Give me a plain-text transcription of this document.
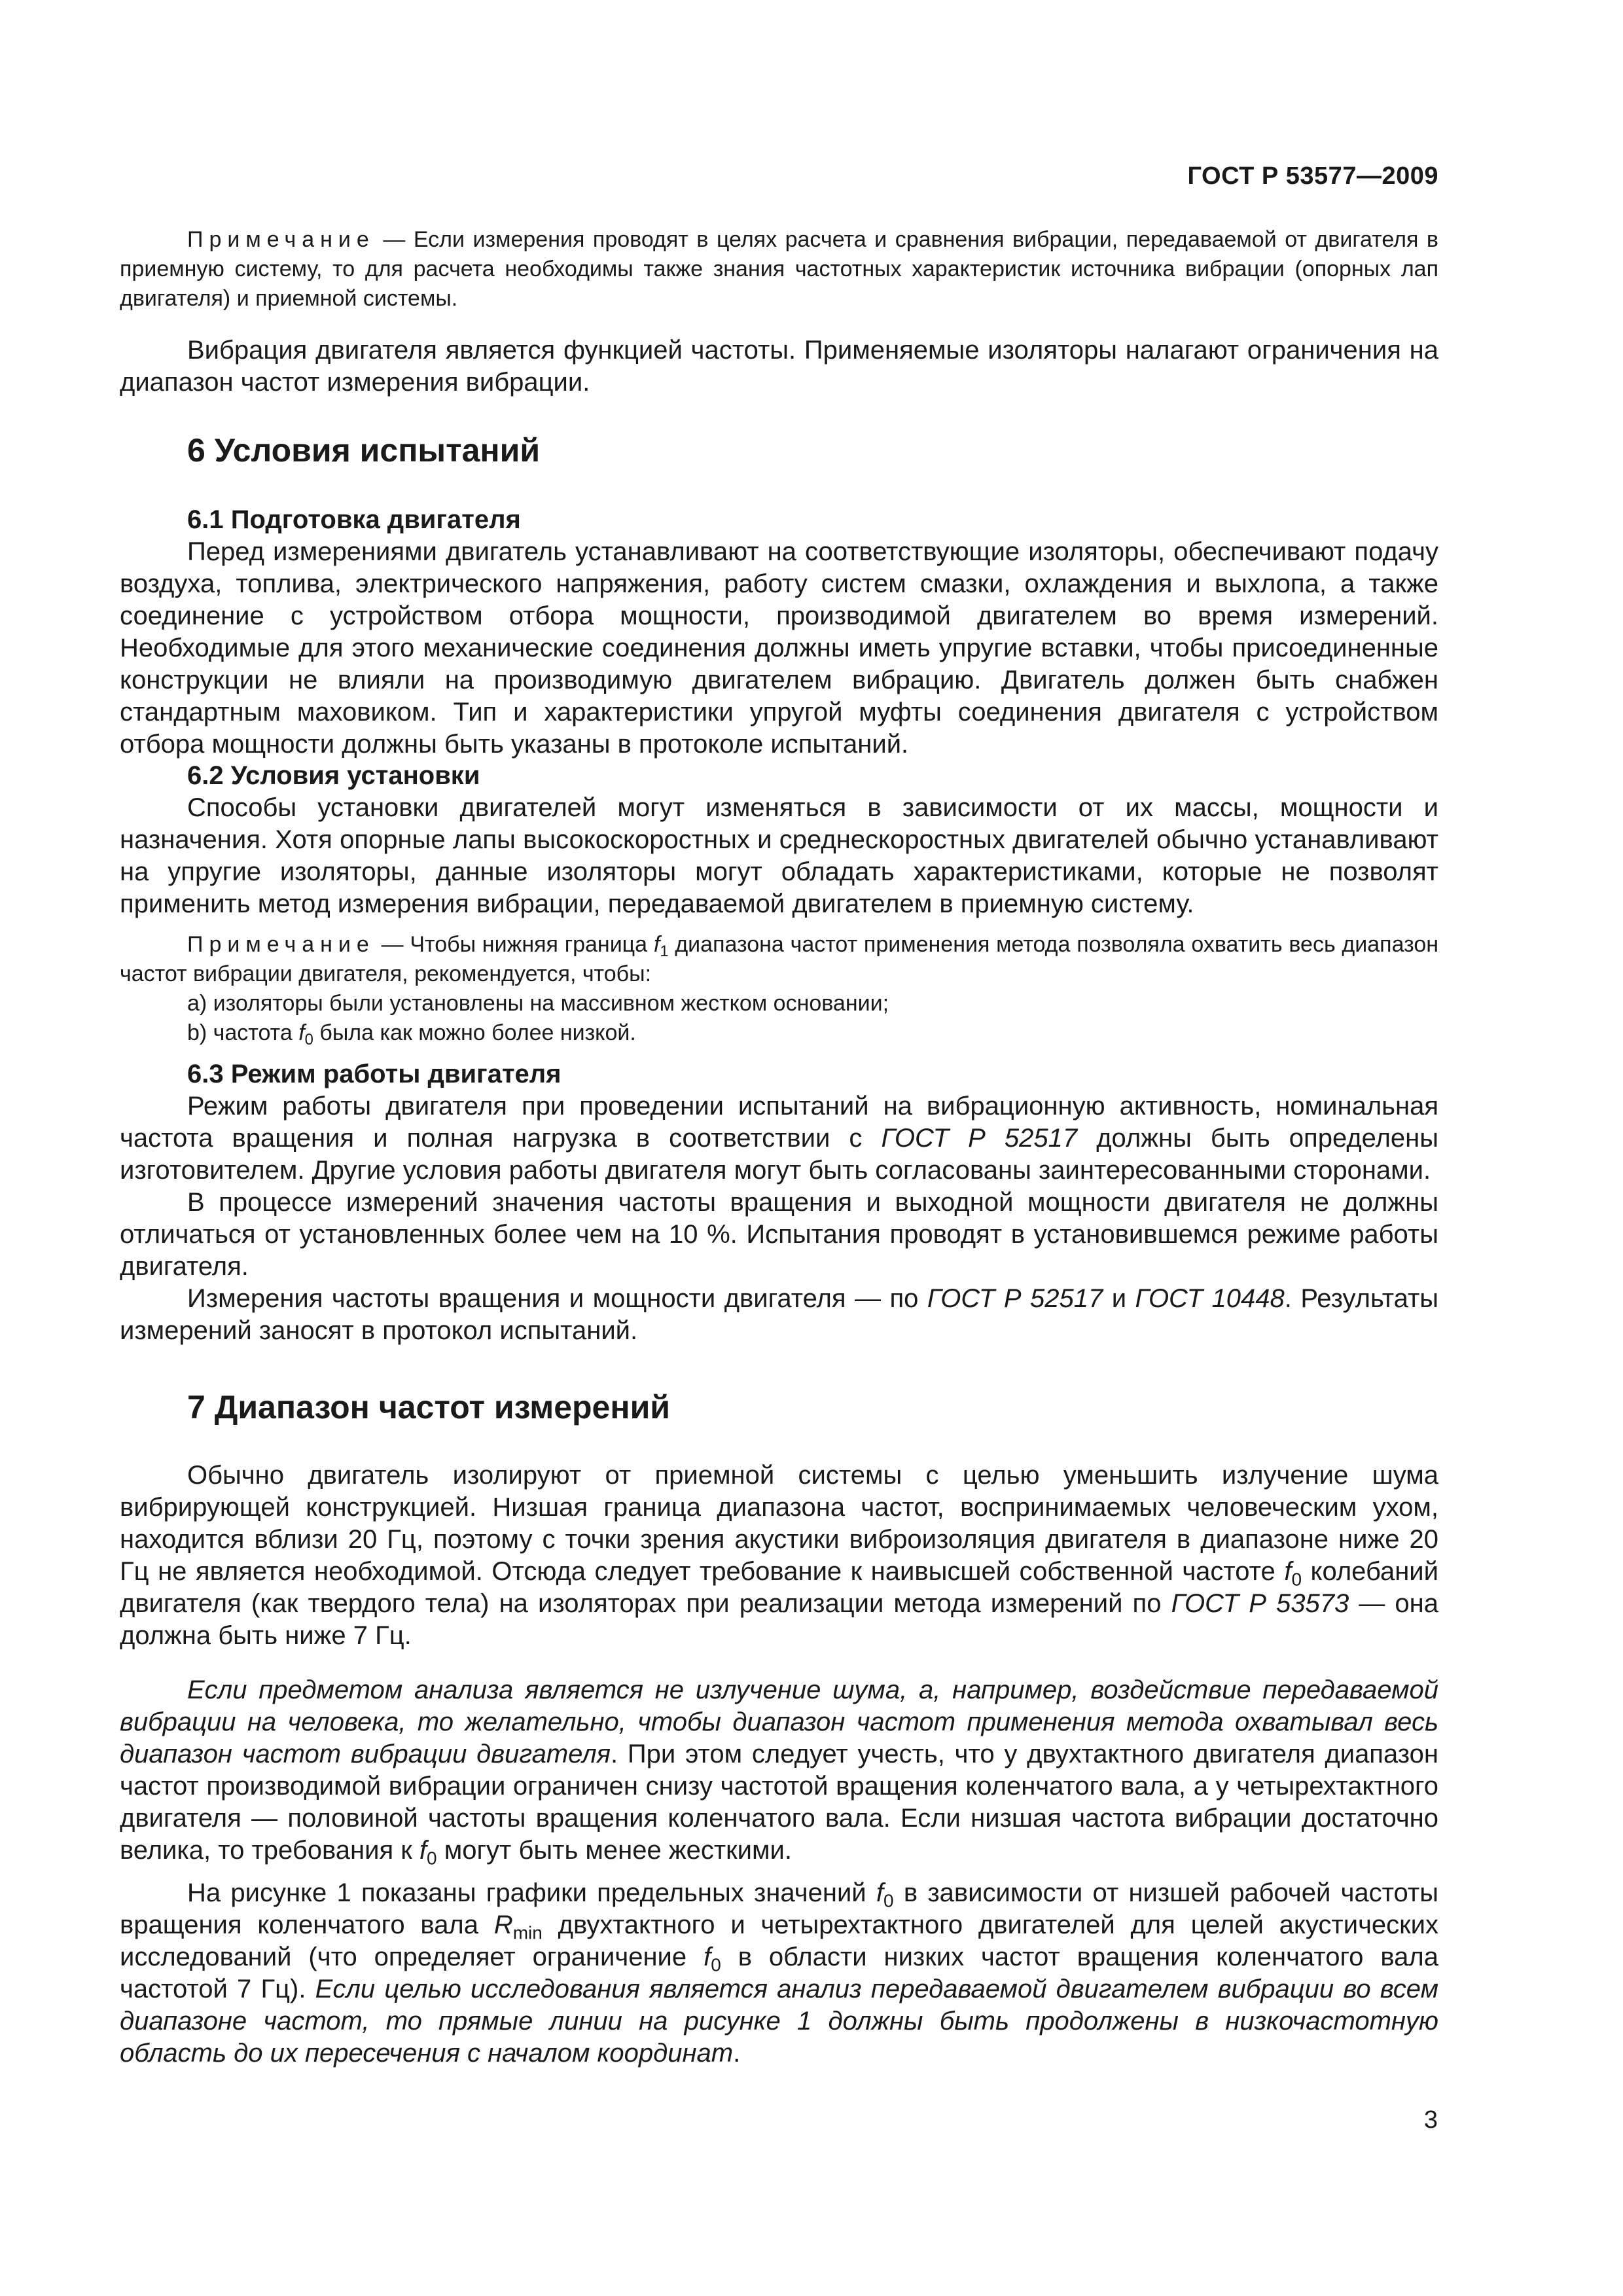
ГОСТ Р 53577—2009

Примечание — Если измерения проводят в целях расчета и сравнения вибрации, передаваемой от двигателя в приемную систему, то для расчета необходимы также знания частотных характеристик источника вибрации (опорных лап двигателя) и приемной системы.

Вибрация двигателя является функцией частоты. Применяемые изоляторы налагают ограничения на диапазон частот измерения вибрации.

6 Условия испытаний
6.1 Подготовка двигателя

Перед измерениями двигатель устанавливают на соответствующие изоляторы, обеспечивают подачу воздуха, топлива, электрического напряжения, работу систем смазки, охлаждения и выхлопа, а также соединение с устройством отбора мощности, производимой двигателем во время измерений. Необходимые для этого механические соединения должны иметь упругие вставки, чтобы присоединенные конструкции не влияли на производимую двигателем вибрацию. Двигатель должен быть снабжен стандартным маховиком. Тип и характеристики упругой муфты соединения двигателя с устройством отбора мощности должны быть указаны в протоколе испытаний.

6.2 Условия установки

Способы установки двигателей могут изменяться в зависимости от их массы, мощности и назначения. Хотя опорные лапы высокоскоростных и среднескоростных двигателей обычно устанавливают на упругие изоляторы, данные изоляторы могут обладать характеристиками, которые не позволят применить метод измерения вибрации, передаваемой двигателем в приемную систему.

Примечание — Чтобы нижняя граница $f_1$ диапазона частот применения метода позволяла охватить весь диапазон частот вибрации двигателя, рекомендуется, чтобы:

а) изоляторы были установлены на массивном жестком основании;

b) частота $f_0$ была как можно более низкой.

6.3 Режим работы двигателя

Режим работы двигателя при проведении испытаний на вибрационную активность, номинальная частота вращения и полная нагрузка в соответствии с ГОСТ Р 52517 должны быть определены изготовителем. Другие условия работы двигателя могут быть согласованы заинтересованными сторонами.

В процессе измерений значения частоты вращения и выходной мощности двигателя не должны отличаться от установленных более чем на 10 %. Испытания проводят в установившемся режиме работы двигателя.

Измерения частоты вращения и мощности двигателя — по ГОСТ Р 52517 и ГОСТ 10448. Результаты измерений заносят в протокол испытаний.

7 Диапазон частот измерений

Обычно двигатель изолируют от приемной системы с целью уменьшить излучение шума вибрирующей конструкцией. Низшая граница диапазона частот, воспринимаемых человеческим ухом, находится вблизи 20 Гц, поэтому с точки зрения акустики виброизоляция двигателя в диапазоне ниже 20 Гц не является необходимой. Отсюда следует требование к наивысшей собственной частоте $f_0$ колебаний двигателя (как твердого тела) на изоляторах при реализации метода измерений по ГОСТ Р 53573 — она должна быть ниже 7 Гц.

Если предметом анализа является не излучение шума, а, например, воздействие передаваемой вибрации на человека, то желательно, чтобы диапазон частот применения метода охватывал весь диапазон частот вибрации двигателя. При этом следует учесть, что у двухтактного двигателя диапазон частот производимой вибрации ограничен снизу частотой вращения коленчатого вала, а у четырехтактного двигателя — половиной частоты вращения коленчатого вала. Если низшая частота вибрации достаточно велика, то требования к $f_0$ могут быть менее жесткими.

На рисунке 1 показаны графики предельных значений $f_0$ в зависимости от низшей рабочей частоты вращения коленчатого вала $R_{min}$ двухтактного и четырехтактного двигателей для целей акустических исследований (что определяет ограничение $f_0$ в области низких частот вращения коленчатого вала частотой 7 Гц). Если целью исследования является анализ передаваемой двигателем вибрации во всем диапазоне частот, то прямые линии на рисунке 1 должны быть продолжены в низкочастотную область до их пересечения с началом координат.

3
